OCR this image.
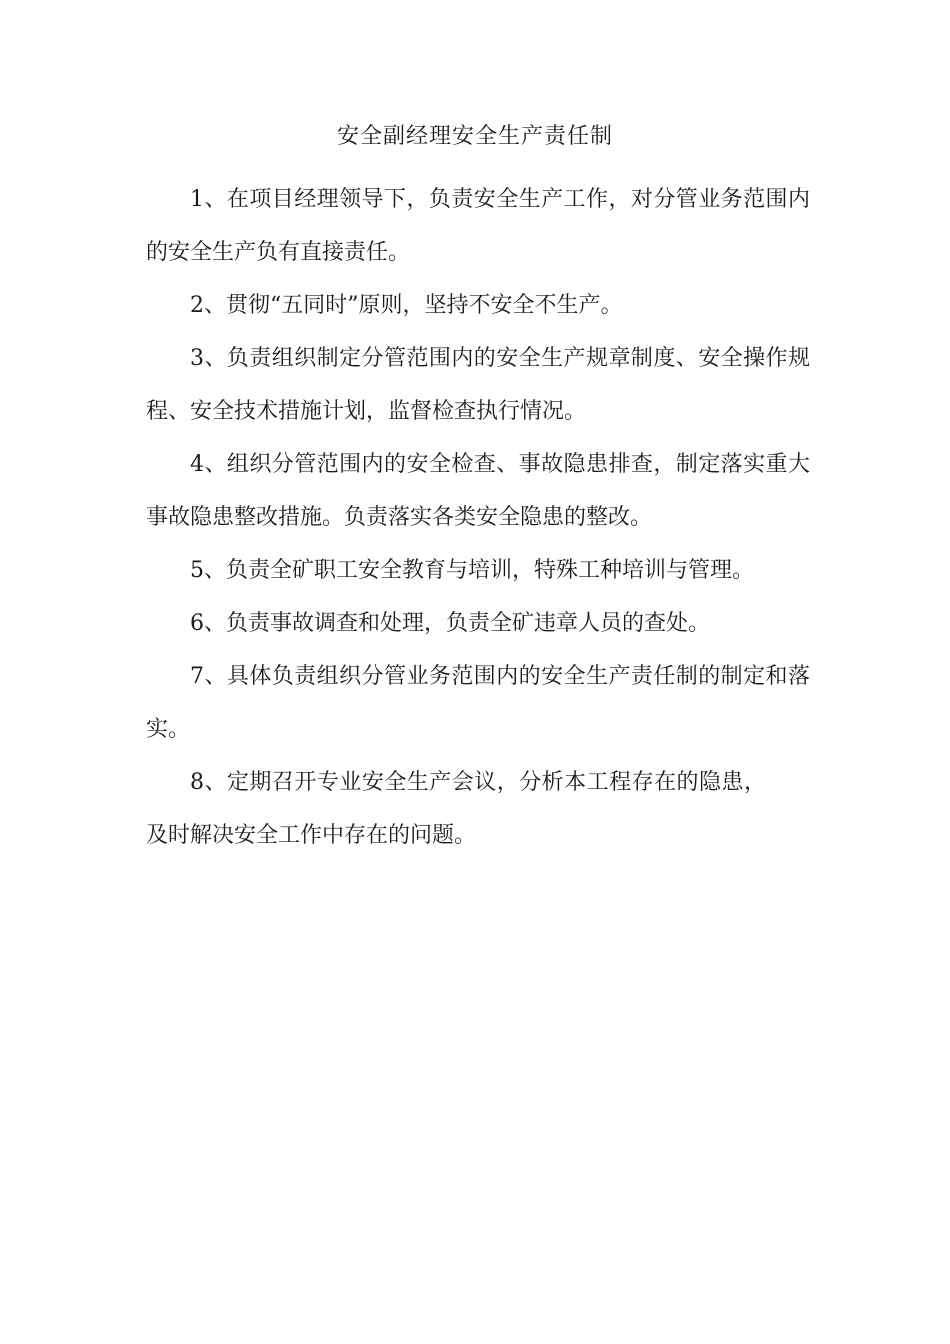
安全副经理安全生产责任制

1、在项目经理领导下，负责安全生产工作，对分管业务范围内的安全生产负有直接责任。

2、贯彻“五同时”原则，坚持不安全不生产。

3、负责组织制定分管范围内的安全生产规章制度、安全操作规程、安全技术措施计划，监督检查执行情况。

4、组织分管范围内的安全检查、事故隐患排查，制定落实重大事故隐患整改措施。负责落实各类安全隐患的整改。

5、负责全矿职工安全教育与培训，特殊工种培训与管理。

6、负责事故调查和处理，负责全矿违章人员的查处。

7、具体负责组织分管业务范围内的安全生产责任制的制定和落实。

8、定期召开专业安全生产会议，分析本工程存在的隐患，及时解决安全工作中存在的问题。
